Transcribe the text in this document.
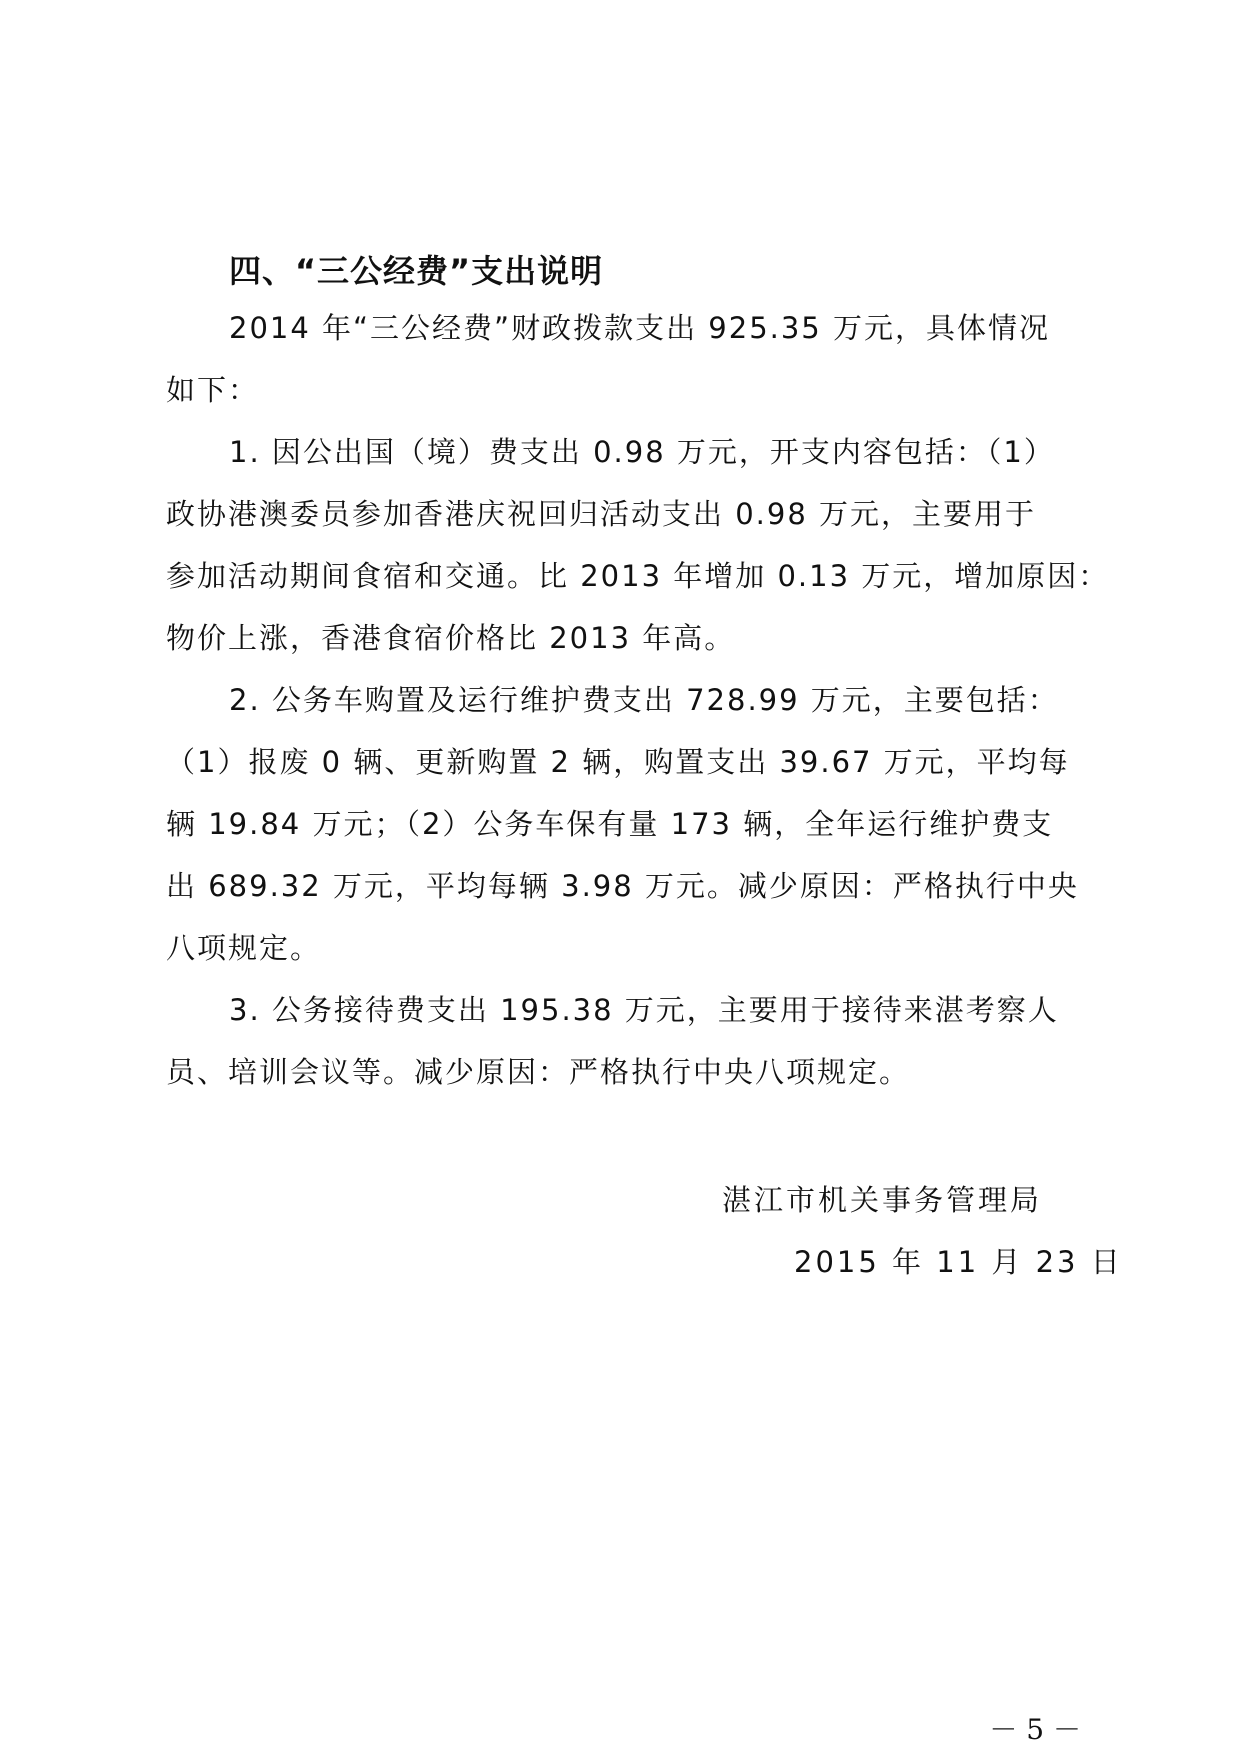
四、“三公经费”支出说明
2014 年“三公经费”财政拨款支出 925.35 万元，具体情况
如下：
1. 因公出国（境）费支出 0.98 万元，开支内容包括：（1）
政协港澳委员参加香港庆祝回归活动支出 0.98 万元，主要用于
参加活动期间食宿和交通。比 2013 年增加 0.13 万元，增加原因：
物价上涨，香港食宿价格比 2013 年高。
2. 公务车购置及运行维护费支出 728.99 万元，主要包括：
（1）报废 0 辆、更新购置 2 辆，购置支出 39.67 万元，平均每
辆 19.84 万元；（2）公务车保有量 173 辆，全年运行维护费支
出 689.32 万元，平均每辆 3.98 万元。减少原因：严格执行中央
八项规定。
3. 公务接待费支出 195.38 万元，主要用于接待来湛考察人
员、培训会议等。减少原因：严格执行中央八项规定。
湛江市机关事务管理局
2015 年 11 月 23 日
－ 5 －
